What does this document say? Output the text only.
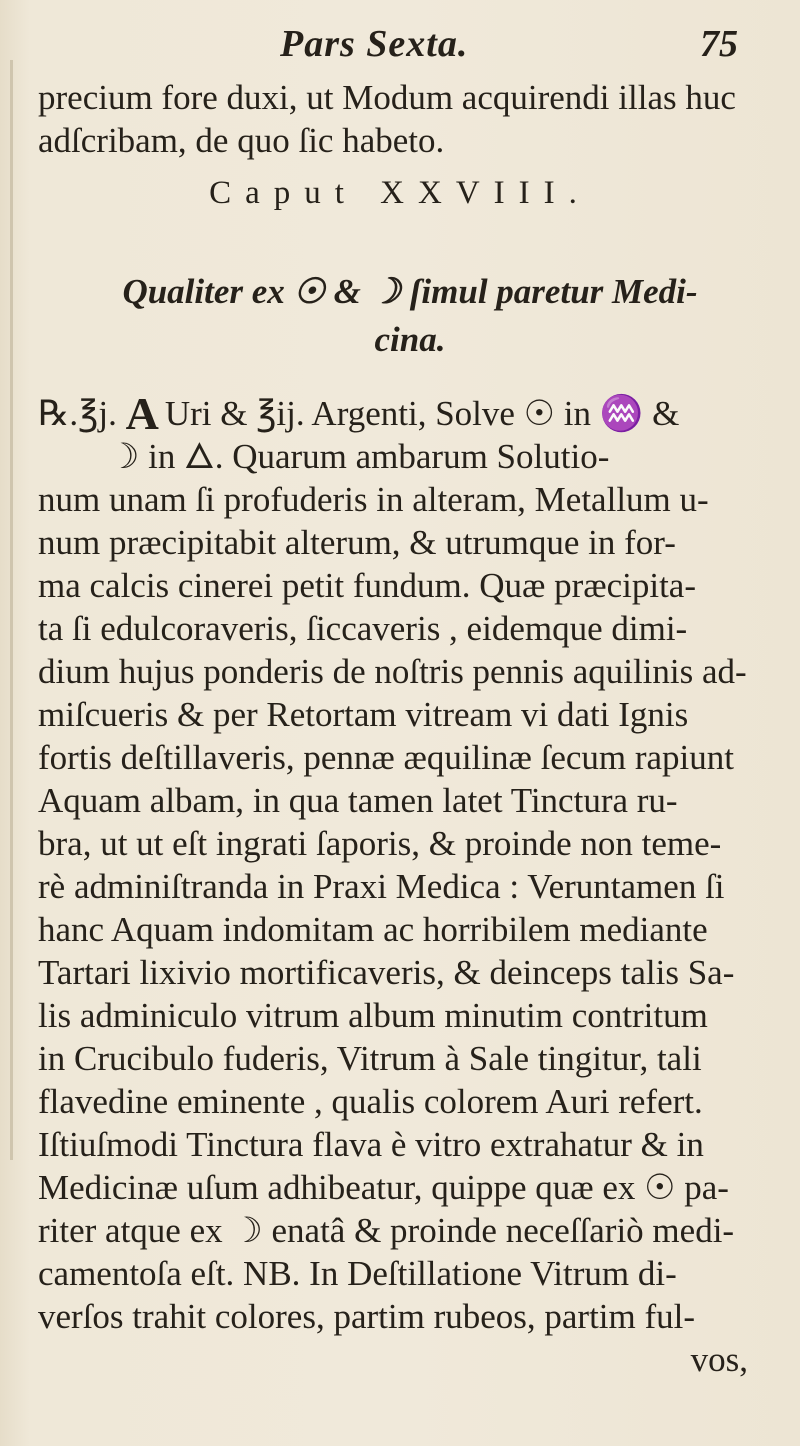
Pars Sexta.	75
precium fore duxi, ut Modum acquirendi illas huc
adſcribam, de quo ſic habeto.
Caput XXVIII.
Qualiter ex ☉ & ☽ ſimul paretur Medi-
cina.
℞.℥j. A Uri & ℥ij. Argenti, Solve ☉ in ♒ &
☽ in 🜂. Quarum ambarum Solutio-
num unam ſi profuderis in alteram, Metallum u-
num præcipitabit alterum, & utrumque in for-
ma calcis cinerei petit fundum. Quæ præcipita-
ta ſi edulcoraveris, ſiccaveris , eidemque dimi-
dium hujus ponderis de noſtris pennis aquilinis ad-
miſcueris & per Retortam vitream vi dati Ignis
fortis deſtillaveris, pennæ æquilinæ ſecum rapiunt
Aquam albam, in qua tamen latet Tinctura ru-
bra, ut ut eſt ingrati ſaporis, & proinde non teme-
rè adminiſtranda in Praxi Medica : Veruntamen ſi
hanc Aquam indomitam ac horribilem mediante
Tartari lixivio mortificaveris, & deinceps talis Sa-
lis adminiculo vitrum album minutim contritum
in Crucibulo fuderis, Vitrum à Sale tingitur, tali
flavedine eminente , qualis colorem Auri refert.
Iſtiuſmodi Tinctura flava è vitro extrahatur & in
Medicinæ uſum adhibeatur, quippe quæ ex ☉ pa-
riter atque ex ☽ enatâ & proinde neceſſariò medi-
camentoſa eſt. NB. In Deſtillatione Vitrum di-
verſos trahit colores, partim rubeos, partim ful-
vos,
